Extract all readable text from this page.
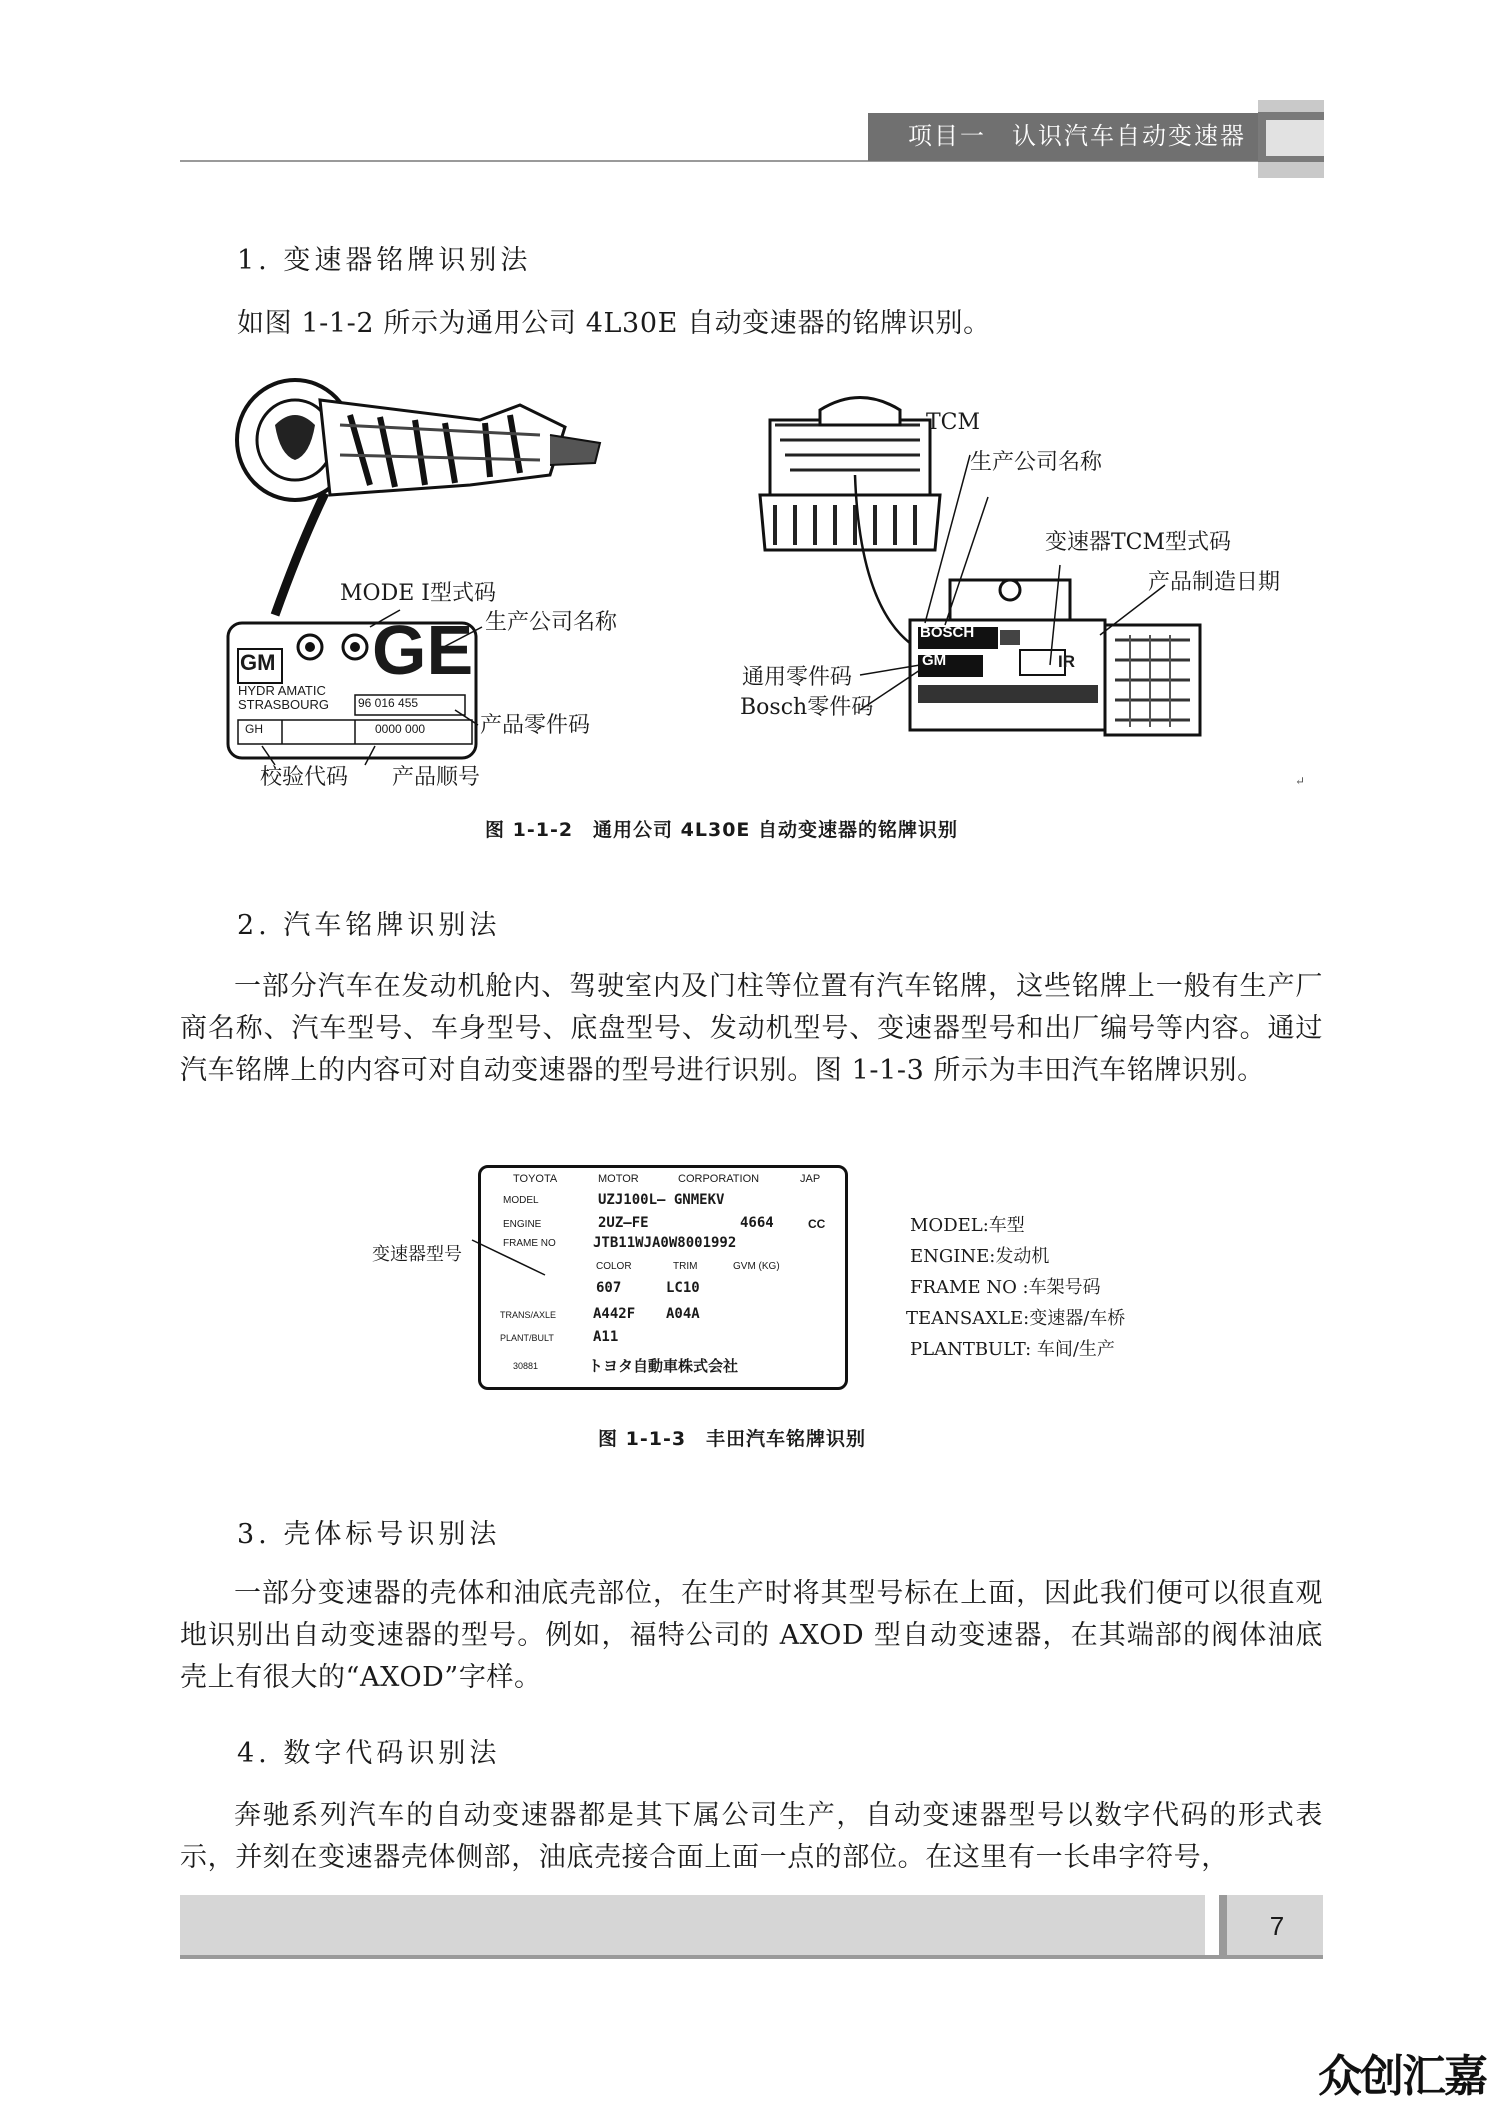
项目一　认识汽车自动变速器
1. 变速器铭牌识别法
如图 1-1-2 所示为通用公司 4L30E 自动变速器的铭牌识别。
↵
GM GE
HYDR AMATIC
STRASBOURG 96 016 455
GH	0000 000
MODE I型式码
生产公司名称
产品零件码
校验代码 产品顺号
BOSCH
GM	IR
TCM
生产公司名称
变速器TCM型式码
产品制造日期
通用零件码
Bosch零件码
图 1-1-2　通用公司 4L30E 自动变速器的铭牌识别
2. 汽车铭牌识别法
一部分汽车在发动机舱内、驾驶室内及门柱等位置有汽车铭牌，这些铭牌上一般有生产厂商名称、汽车型号、车身型号、底盘型号、发动机型号、变速器型号和出厂编号等内容。通过汽车铭牌上的内容可对自动变速器的型号进行识别。图 1-1-3 所示为丰田汽车铭牌识别。
TOYOTA	MOTOR	CORPORATION	JAP
MODEL	UZJ100L– GNMEKV
ENGINE	2UZ–FE	4664	CC
FRAME NO	JTB11WJA0W8001992
COLOR	TRIM	GVM (KG)
607	LC10
TRANS/AXLE	A442F A04A
PLANT/BULT	A11
30881	トヨタ自動車株式会社
变速器型号
MODEL:车型
ENGINE:发动机
FRAME NO :车架号码
TEANSAXLE:变速器/车桥
PLANTBULT: 车间/生产
图 1-1-3　丰田汽车铭牌识别
3. 壳体标号识别法
一部分变速器的壳体和油底壳部位，在生产时将其型号标在上面，因此我们便可以很直观地识别出自动变速器的型号。例如，福特公司的 AXOD 型自动变速器，在其端部的阀体油底壳上有很大的“AXOD”字样。
4. 数字代码识别法
奔驰系列汽车的自动变速器都是其下属公司生产，自动变速器型号以数字代码的形式表示，并刻在变速器壳体侧部，油底壳接合面上面一点的部位。在这里有一长串字符号，
7
众创汇嘉
